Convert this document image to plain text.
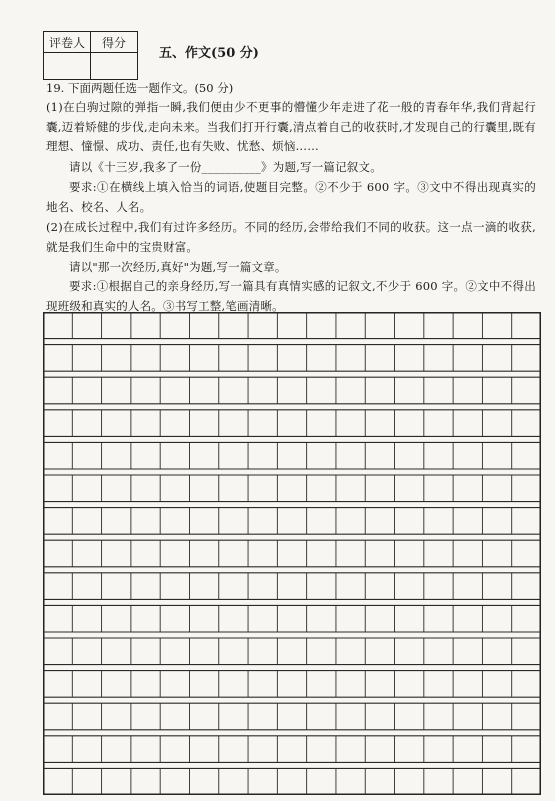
评卷人	得分

五、作文(50 分)
19. 下面两题任选一题作文。(50 分)
(1)在白驹过隙的弹指一瞬,我们便由少不更事的懵懂少年走进了花一般的青春年华,我们背起行囊,迈着矫健的步伐,走向未来。当我们打开行囊,清点着自己的收获时,才发现自己的行囊里,既有理想、憧憬、成功、责任,也有失败、忧愁、烦恼……
请以《十三岁,我多了一份__________》为题,写一篇记叙文。
要求:①在横线上填入恰当的词语,使题目完整。②不少于 600 字。③文中不得出现真实的地名、校名、人名。
(2)在成长过程中,我们有过许多经历。不同的经历,会带给我们不同的收获。这一点一滴的收获,就是我们生命中的宝贵财富。
请以"那一次经历,真好"为题,写一篇文章。
要求:①根据自己的亲身经历,写一篇具有真情实感的记叙文,不少于 600 字。②文中不得出现班级和真实的人名。③书写工整,笔画清晰。
